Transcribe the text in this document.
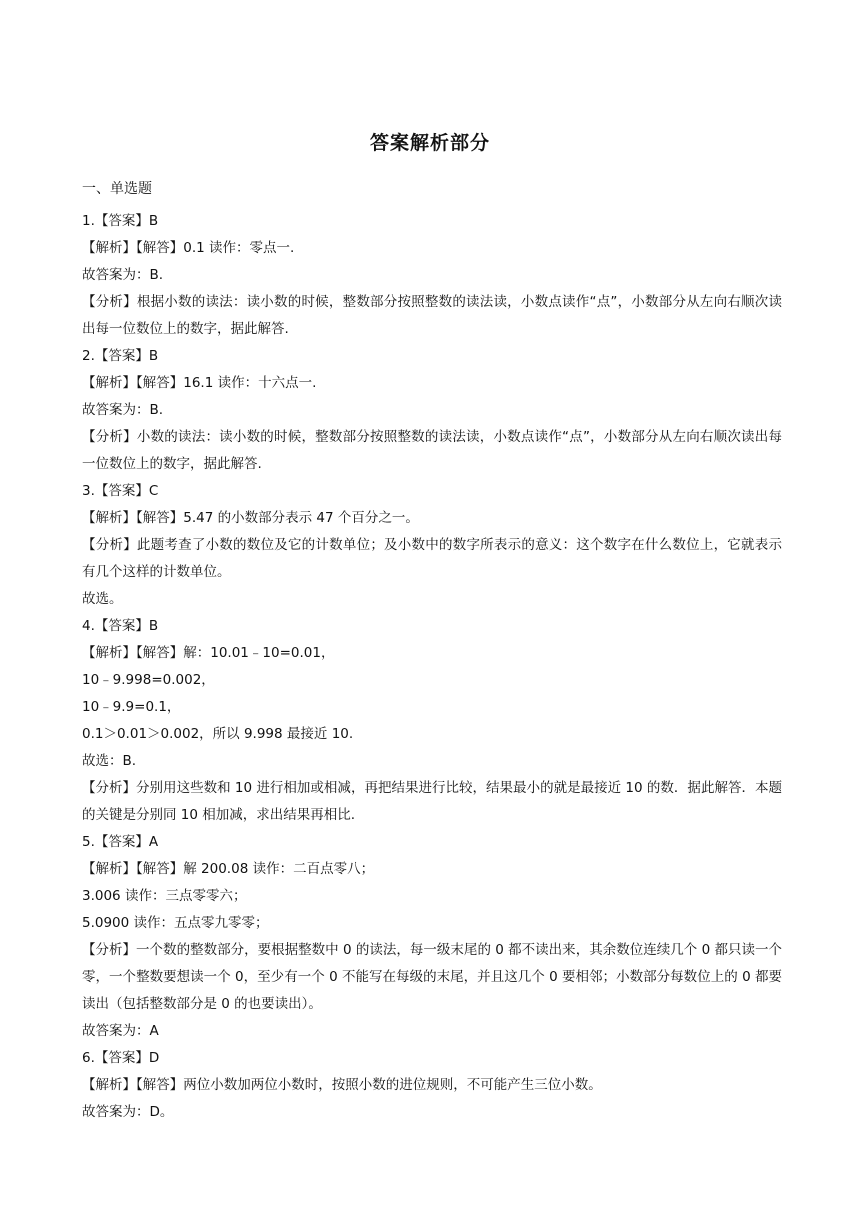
答案解析部分
一、单选题
1.【答案】B
【解析】【解答】0.1 读作：零点一.
故答案为：B.
【分析】根据小数的读法：读小数的时候，整数部分按照整数的读法读，小数点读作“点”，小数部分从左向右顺次读出每一位数位上的数字，据此解答.
2.【答案】B
【解析】【解答】16.1 读作：十六点一.
故答案为：B.
【分析】小数的读法：读小数的时候，整数部分按照整数的读法读，小数点读作“点”，小数部分从左向右顺次读出每一位数位上的数字，据此解答.
3.【答案】C
【解析】【解答】5.47 的小数部分表示 47 个百分之一。
【分析】此题考查了小数的数位及它的计数单位；及小数中的数字所表示的意义：这个数字在什么数位上，它就表示有几个这样的计数单位。
故选。
4.【答案】B
【解析】【解答】解：10.01﹣10=0.01，
10﹣9.998=0.002，
10﹣9.9=0.1，
0.1＞0.01＞0.002，所以 9.998 最接近 10.
故选：B.
【分析】分别用这些数和 10 进行相加或相减，再把结果进行比较，结果最小的就是最接近 10 的数．据此解答．本题的关键是分别同 10 相加减，求出结果再相比.
5.【答案】A
【解析】【解答】解 200.08 读作：二百点零八；
3.006 读作：三点零零六；
5.0900 读作：五点零九零零；
【分析】一个数的整数部分，要根据整数中 0 的读法，每一级末尾的 0 都不读出来，其余数位连续几个 0 都只读一个零，一个整数要想读一个 0，至少有一个 0 不能写在每级的末尾，并且这几个 0 要相邻；小数部分每数位上的 0 都要读出（包括整数部分是 0 的也要读出）。
故答案为：A
6.【答案】D
【解析】【解答】两位小数加两位小数时，按照小数的进位规则，不可能产生三位小数。
故答案为：D。
